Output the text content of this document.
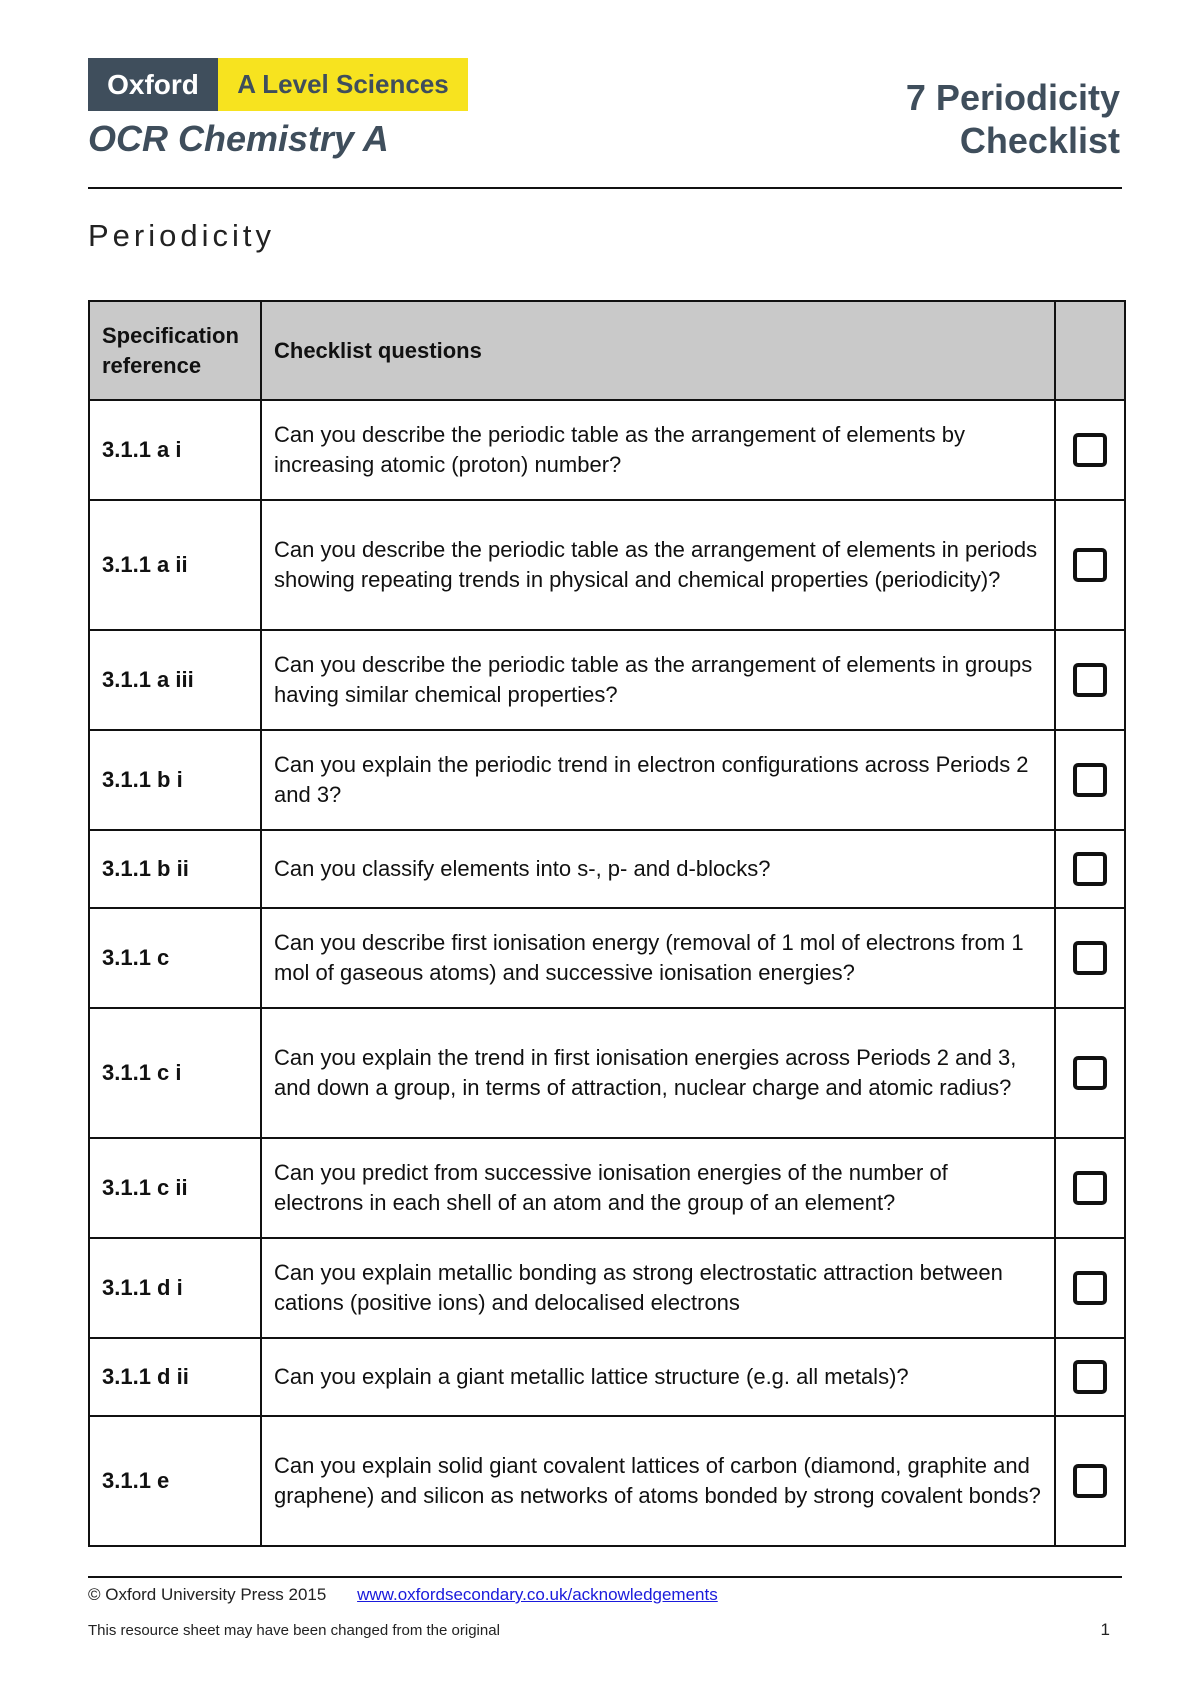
Oxford	A Level Sciences
OCR Chemistry A
7 Periodicity
Checklist
Periodicity
Specification reference	Checklist questions	
3.1.1 a i	Can you describe the periodic table as the arrangement of elements by increasing atomic (proton) number?	
3.1.1 a ii	Can you describe the periodic table as the arrangement of elements in periods showing repeating trends in physical and chemical properties (periodicity)?	
3.1.1 a iii	Can you describe the periodic table as the arrangement of elements in groups having similar chemical properties?	
3.1.1 b i	Can you explain the periodic trend in electron configurations across Periods 2 and 3?	
3.1.1 b ii	Can you classify elements into s-, p- and d-blocks?	
3.1.1 c	Can you describe first ionisation energy (removal of 1 mol of electrons from 1 mol of gaseous atoms) and successive ionisation energies?	
3.1.1 c i	Can you explain the trend in first ionisation energies across Periods 2 and 3, and down a group, in terms of attraction, nuclear charge and atomic radius?	
3.1.1 c ii	Can you predict from successive ionisation energies of the number of electrons in each shell of an atom and the group of an element?	
3.1.1 d i	Can you explain metallic bonding as strong electrostatic attraction between cations (positive ions) and delocalised electrons	
3.1.1 d ii	Can you explain a giant metallic lattice structure (e.g. all metals)?	
3.1.1 e	Can you explain solid giant covalent lattices of carbon (diamond, graphite and graphene) and silicon as networks of atoms bonded by strong covalent bonds?	
© Oxford University Press 2015 www.oxfordsecondary.co.uk/acknowledgements
This resource sheet may have been changed from the original	1
